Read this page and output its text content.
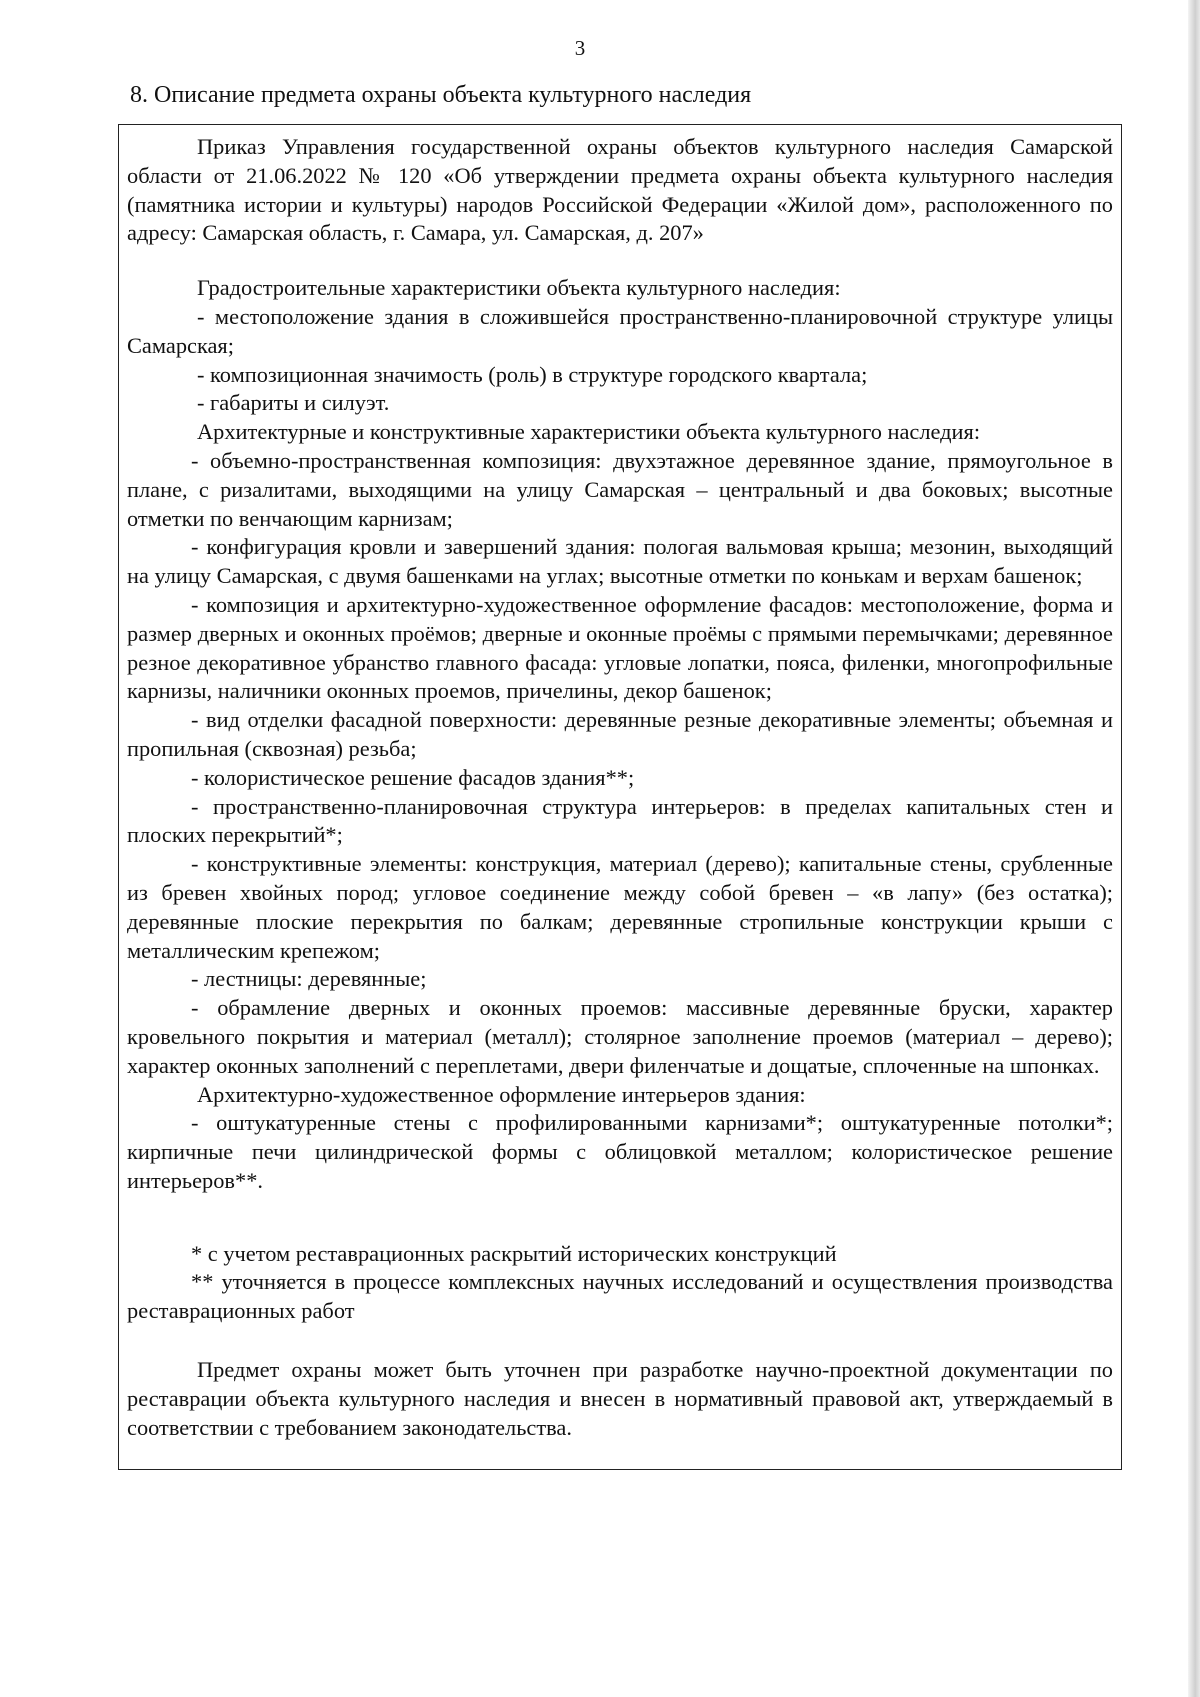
3
8. Описание предмета охраны объекта культурного наследия

Приказ Управления государственной охраны объектов культурного наследия Самарской области от 21.06.2022 № 120 «Об утверждении предмета охраны объекта культурного наследия (памятника истории и культуры) народов Российской Федерации «Жилой дом», расположенного по адресу: Самарская область, г. Самара, ул. Самарская, д. 207»

Градостроительные характеристики объекта культурного наследия:

- местоположение здания в сложившейся пространственно-планировочной структуре улицы Самарская;

- композиционная значимость (роль) в структуре городского квартала;

- габариты и силуэт.

Архитектурные и конструктивные характеристики объекта культурного наследия:

- объемно-пространственная композиция: двухэтажное деревянное здание, прямоугольное в плане, с ризалитами, выходящими на улицу Самарская – центральный и два боковых; высотные отметки по венчающим карнизам;

- конфигурация кровли и завершений здания: пологая вальмовая крыша; мезонин, выходящий на улицу Самарская, с двумя башенками на углах; высотные отметки по конькам и верхам башенок;

- композиция и архитектурно-художественное оформление фасадов: местоположение, форма и размер дверных и оконных проёмов; дверные и оконные проёмы с прямыми перемычками; деревянное резное декоративное убранство главного фасада: угловые лопатки, пояса, филенки, многопрофильные карнизы, наличники оконных проемов, причелины, декор башенок;

- вид отделки фасадной поверхности: деревянные резные декоративные элементы; объемная и пропильная (сквозная) резьба;

- колористическое решение фасадов здания**;

- пространственно-планировочная структура интерьеров: в пределах капитальных стен и плоских перекрытий*;

- конструктивные элементы: конструкция, материал (дерево); капитальные стены, срубленные из бревен хвойных пород; угловое соединение между собой бревен – «в лапу» (без остатка); деревянные плоские перекрытия по балкам; деревянные стропильные конструкции крыши с металлическим крепежом;

- лестницы: деревянные;

- обрамление дверных и оконных проемов: массивные деревянные бруски, характер кровельного покрытия и материал (металл); столярное заполнение проемов (материал – дерево); характер оконных заполнений с переплетами, двери филенчатые и дощатые, сплоченные на шпонках.

Архитектурно-художественное оформление интерьеров здания:

- оштукатуренные стены с профилированными карнизами*; оштукатуренные потолки*; кирпичные печи цилиндрической формы с облицовкой металлом; колористическое решение интерьеров**.

* с учетом реставрационных раскрытий исторических конструкций

** уточняется в процессе комплексных научных исследований и осуществления производства реставрационных работ

Предмет охраны может быть уточнен при разработке научно-проектной документации по реставрации объекта культурного наследия и внесен в нормативный правовой акт, утверждаемый в соответствии с требованием законодательства.
